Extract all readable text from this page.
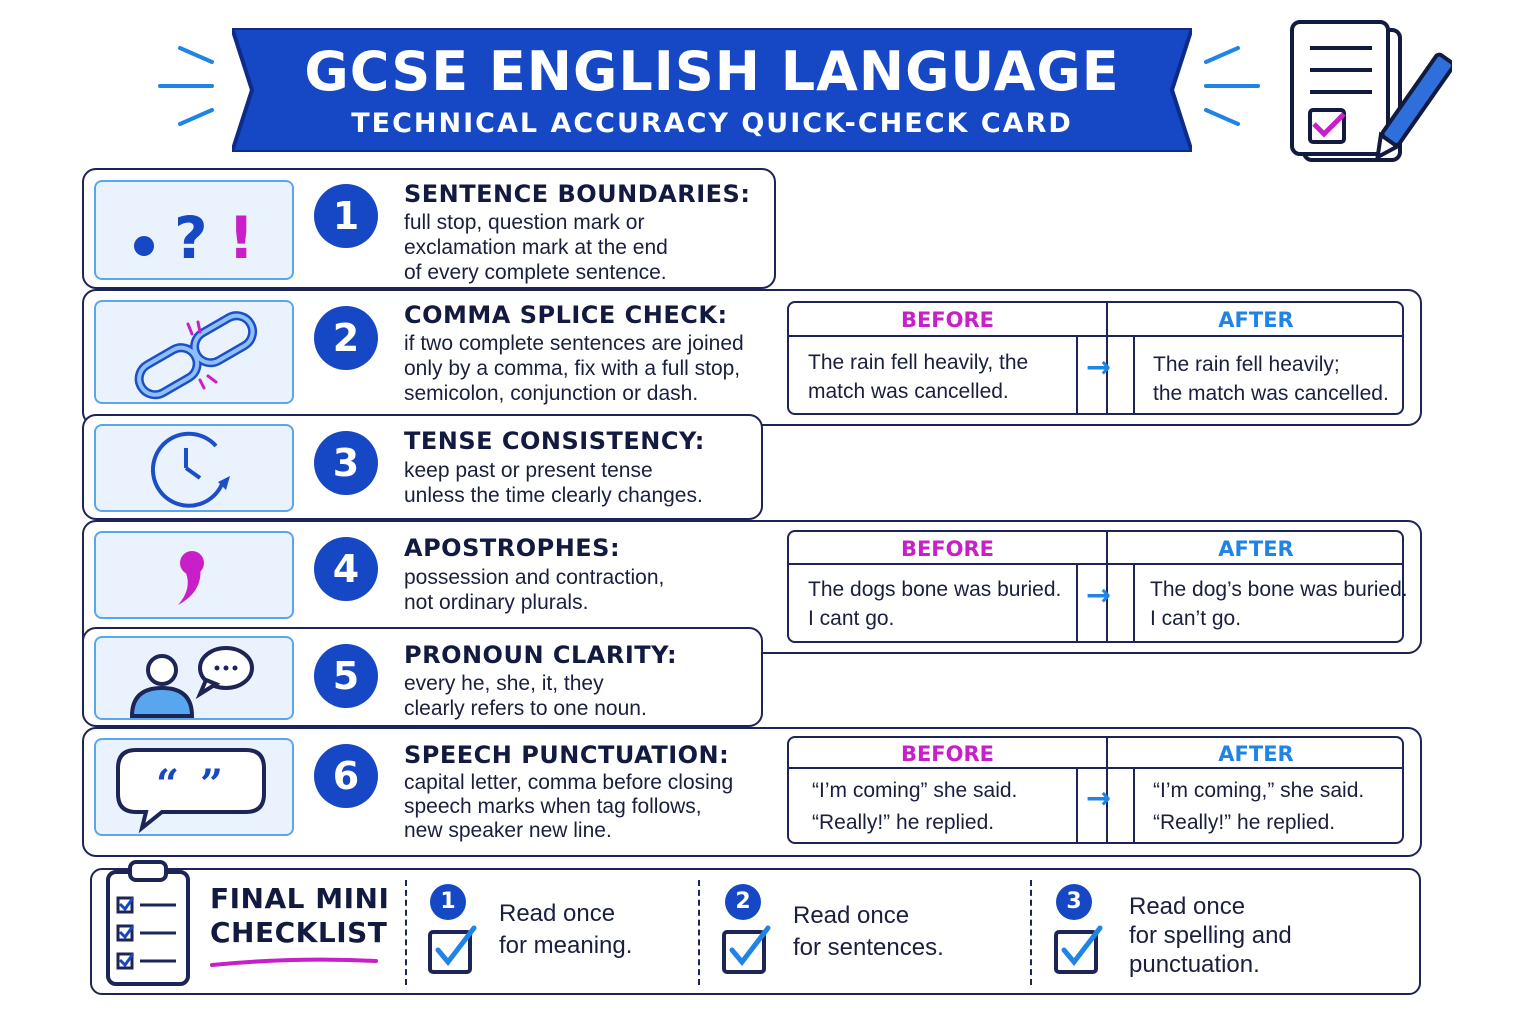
GCSE ENGLISH LANGUAGE
TECHNICAL ACCURACY QUICK-CHECK CARD
? !	1	SENTENCE BOUNDARIES:
full stop, question mark or
exclamation mark at the end
of every complete sentence.
2
COMMA SPLICE CHECK:
if two complete sentences are joined
only by a comma, fix with a full stop,
semicolon, conjunction or dash.
BEFORE	AFTER
The rain fell heavily, the
match was cancelled.
→ The rain fell heavily;
the match was cancelled.
3	TENSE CONSISTENCY:
keep past or present tense
unless the time clearly changes.
4	APOSTROPHES:
possession and contraction,
not ordinary plurals.
BEFORE	AFTER
The dogs bone was buried.
I cant go.
→ The dog’s bone was buried.
I can’t go.
5	PRONOUN CLARITY:
every he, she, it, they
clearly refers to one noun.
“ ”	6	SPEECH PUNCTUATION:
capital letter, comma before closing
speech marks when tag follows,
new speaker new line.
BEFORE	AFTER
“I’m coming” she said.
“Really!” he replied.
→ “I’m coming,” she said.
“Really!” he replied.
FINAL MINI
CHECKLIST
1	Read once
for meaning.
2
Read once
for sentences.
3	Read once
for spelling and
punctuation.
